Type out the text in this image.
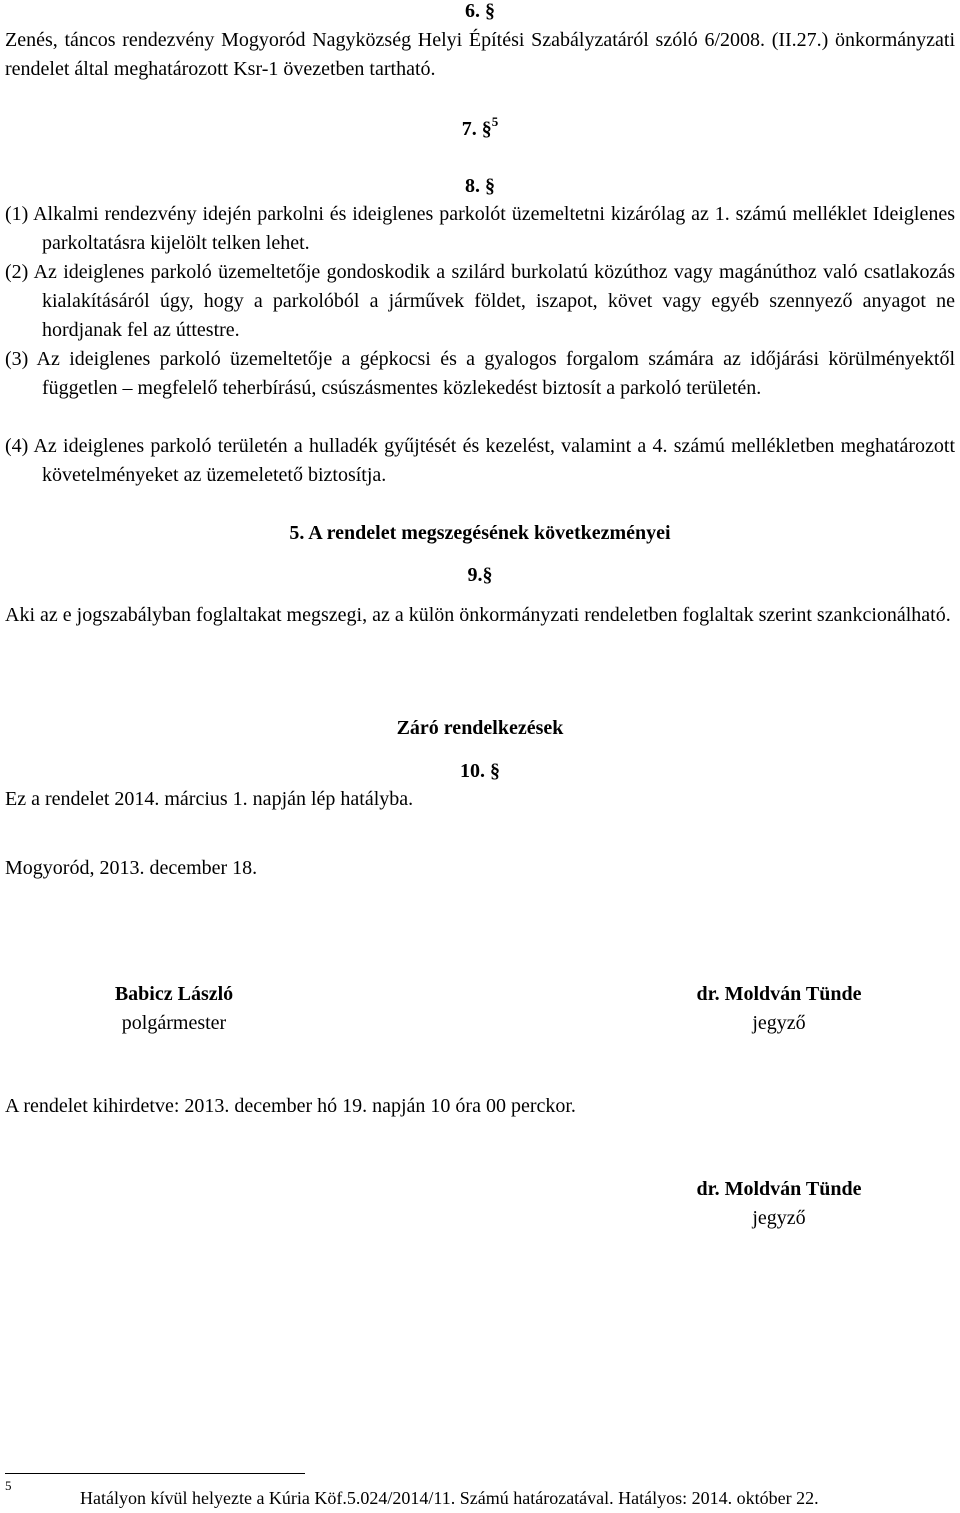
6. §

Zenés, táncos rendezvény Mogyoród Nagyközség Helyi Építési Szabályzatáról szóló 6/2008. (II.27.) önkormányzati rendelet által meghatározott Ksr-1 övezetben tartható.

7. §$^5$
8. §

(1) Alkalmi rendezvény idején parkolni és ideiglenes parkolót üzemeltetni kizárólag az 1. számú melléklet Ideiglenes parkoltatásra kijelölt telken lehet.

(2) Az ideiglenes parkoló üzemeltetője gondoskodik a szilárd burkolatú közúthoz vagy magánúthoz való csatlakozás kialakításáról úgy, hogy a parkolóból a járművek földet, iszapot, követ vagy egyéb szennyező anyagot ne hordjanak fel az úttestre.

(3) Az ideiglenes parkoló üzemeltetője a gépkocsi és a gyalogos forgalom számára az időjárási körülményektől független – megfelelő teherbírású, csúszásmentes közlekedést biztosít a parkoló területén.

(4) Az ideiglenes parkoló területén a hulladék gyűjtését és kezelést, valamint a 4. számú mellékletben meghatározott követelményeket az üzemeletető biztosítja.

5. A rendelet megszegésének következményei
9.§

Aki az e jogszabályban foglaltakat megszegi, az a külön önkormányzati rendeletben foglaltak szerint szankcionálható.

Záró rendelkezések
10. §
Ez a rendelet 2014. március 1. napján lép hatályba.
Mogyoród, 2013. december 18.
Babicz László
polgármester
dr. Moldván Tünde
jegyző
A rendelet kihirdetve: 2013. december hó 19. napján 10 óra 00 perckor.
dr. Moldván Tünde
jegyző
5
Hatályon kívül helyezte a Kúria Köf.5.024/2014/11. Számú határozatával. Hatályos: 2014. október 22.
